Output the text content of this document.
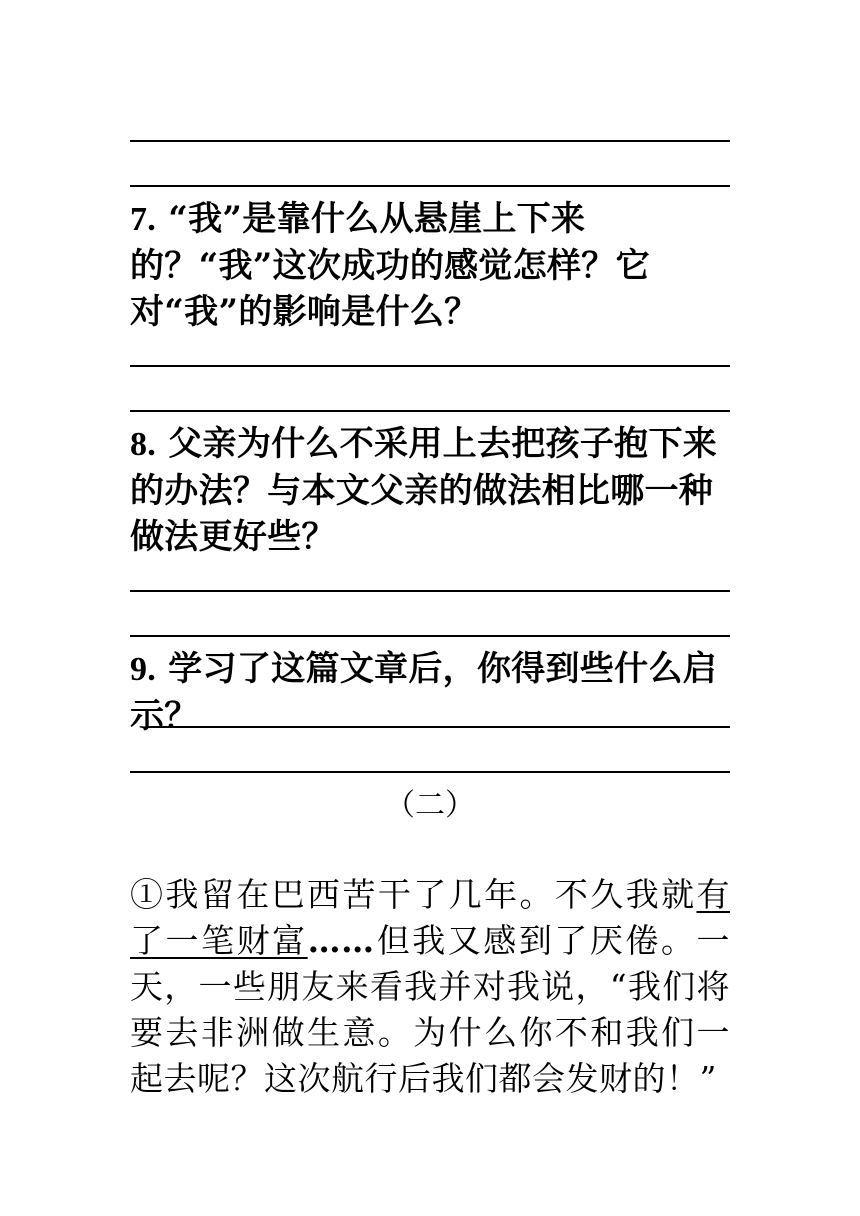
7. “我”是靠什么从悬崖上下来的？“我”这次成功的感觉怎样？它对“我”的影响是什么？
8. 父亲为什么不采用上去把孩子抱下来的办法？与本文父亲的做法相比哪一种做法更好些？
9. 学习了这篇文章后，你得到些什么启示？
（二）
①我留在巴西苦干了几年。不久我就有了一笔财富……但我又感到了厌倦。一天，一些朋友来看我并对我说，“我们将要去非洲做生意。为什么你不和我们一起去呢？这次航行后我们都会发财的！”
